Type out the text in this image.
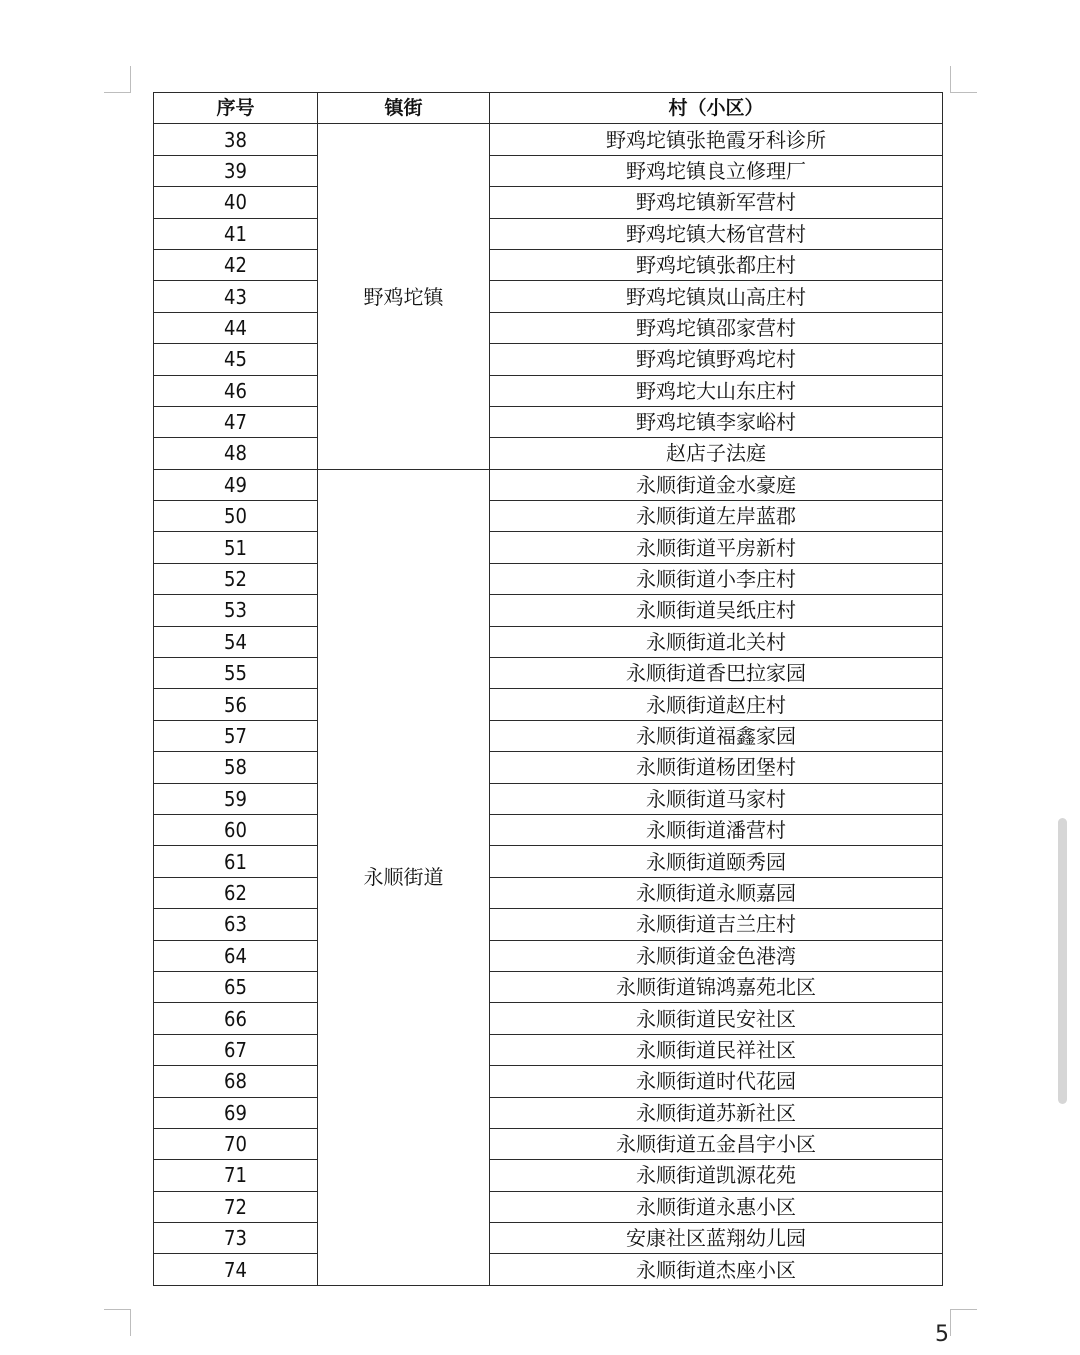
序号	镇街	村（小区）
38	野鸡坨镇	野鸡坨镇张艳霞牙科诊所
39		野鸡坨镇良立修理厂
40		野鸡坨镇新军营村
41		野鸡坨镇大杨官营村
42		野鸡坨镇张都庄村
43		野鸡坨镇岚山高庄村
44		野鸡坨镇邵家营村
45		野鸡坨镇野鸡坨村
46		野鸡坨大山东庄村
47		野鸡坨镇李家峪村
48		赵店子法庭
49	永顺街道	永顺街道金水豪庭
50		永顺街道左岸蓝郡
51		永顺街道平房新村
52		永顺街道小李庄村
53		永顺街道吴纸庄村
54		永顺街道北关村
55		永顺街道香巴拉家园
56		永顺街道赵庄村
57		永顺街道福鑫家园
58		永顺街道杨团堡村
59		永顺街道马家村
60		永顺街道潘营村
61		永顺街道颐秀园
62		永顺街道永顺嘉园
63		永顺街道吉兰庄村
64		永顺街道金色港湾
65		永顺街道锦鸿嘉苑北区
66		永顺街道民安社区
67		永顺街道民祥社区
68		永顺街道时代花园
69		永顺街道苏新社区
70		永顺街道五金昌宇小区
71		永顺街道凯源花苑
72		永顺街道永惠小区
73		安康社区蓝翔幼儿园
74		永顺街道杰座小区
5
